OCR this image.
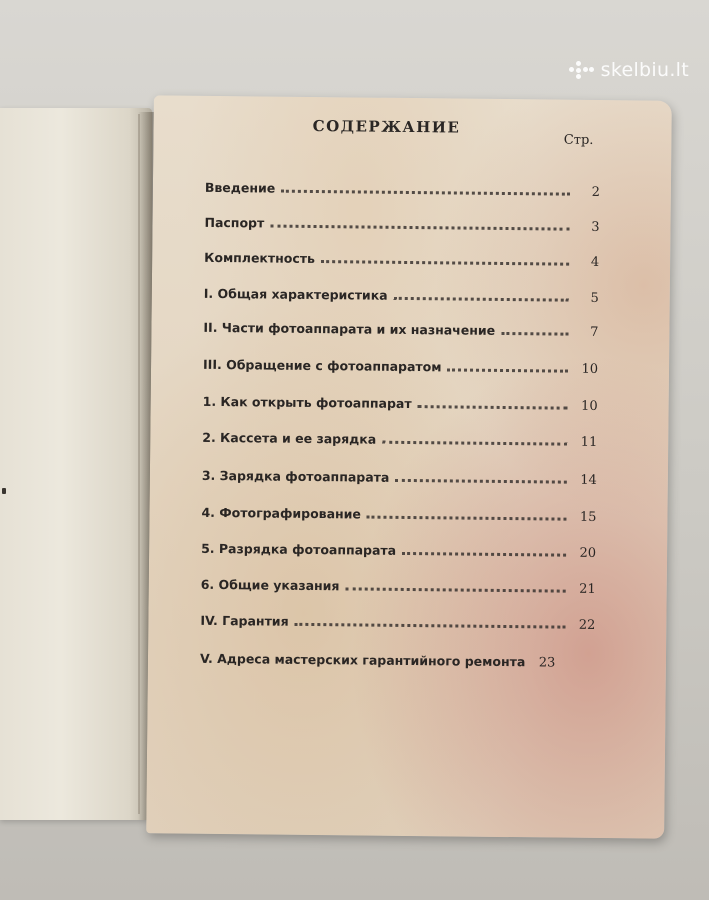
skelbiu.lt
СОДЕРЖАНИЕ
Стр.
Введение	2
Паспорт	3
Комплектность	4
I. Общая характеристика	5
II. Части фотоаппарата и их назначение	7
III. Обращение с фотоаппаратом	10
1. Как открыть фотоаппарат	10
2. Кассета и ее зарядка	11
3. Зарядка фотоаппарата	14
4. Фотографирование	15
5. Разрядка фотоаппарата	20
6. Общие указания	21
IV. Гарантия	22
V. Адреса мастерских гарантийного ремонта	23
